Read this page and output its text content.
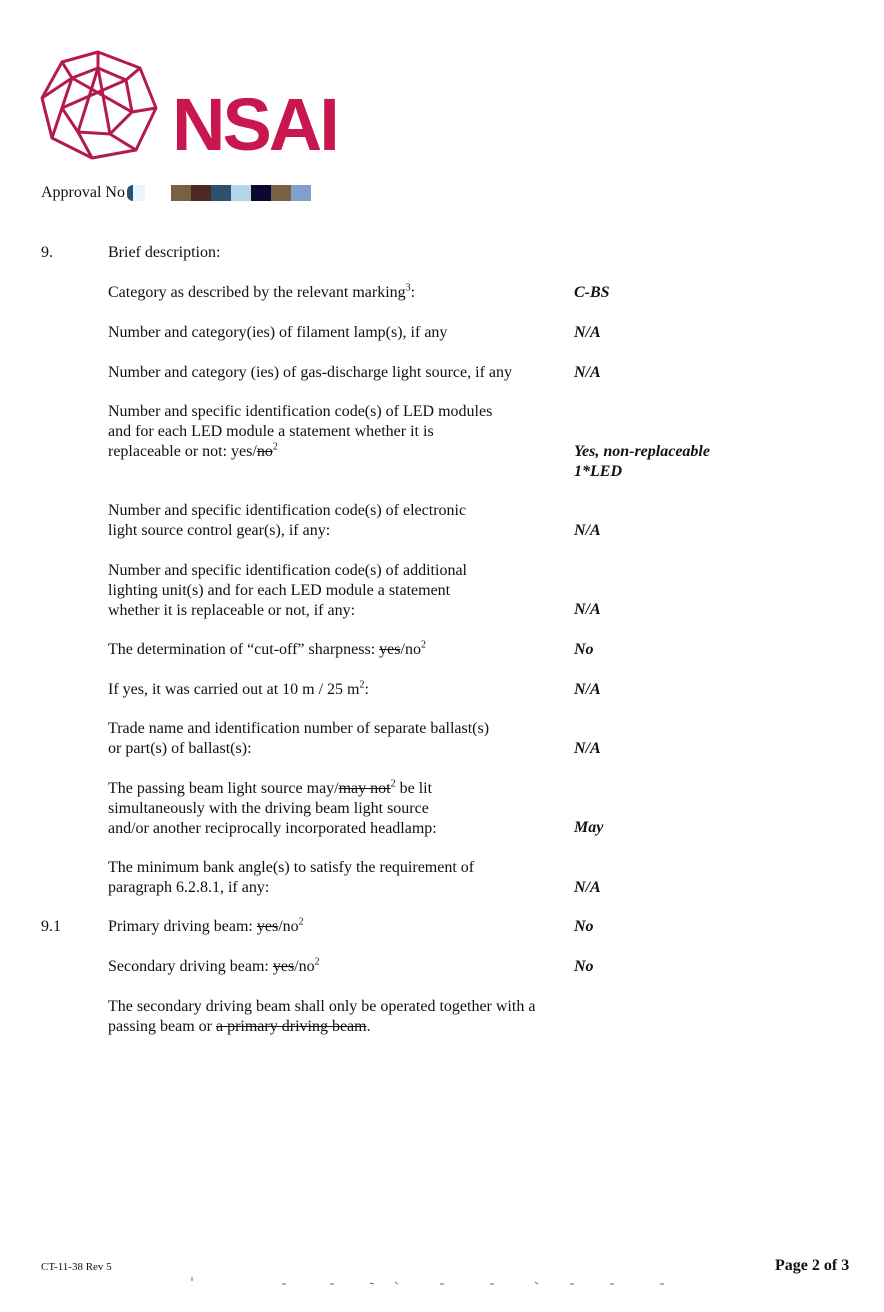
NSAI
Approval No
9.	Brief description:
Category as described by the relevant marking$^3$:	C-BS
Number and category(ies) of filament lamp(s), if any	N/A
Number and category (ies) of gas-discharge light source, if any	N/A
Number and specific identification code(s) of LED modules
and for each LED module a statement whether it is
replaceable or not: yes/$no^2$	Yes, non-replaceable
1*LED
Number and specific identification code(s) of electronic
light source control gear(s), if any:	N/A
Number and specific identification code(s) of additional
lighting unit(s) and for each LED module a statement
whether it is replaceable or not, if any:	N/A
The determination of “cut-off” sharpness: yes/$no^2$	No
If yes, it was carried out at 10 m / 25 $m^2$:	N/A
Trade name and identification number of separate ballast(s)
or part(s) of ballast(s):	N/A
The passing beam light source may/may not$^2$ be lit
simultaneously with the driving beam light source
and/or another reciprocally incorporated headlamp:	May
The minimum bank angle(s) to satisfy the requirement of
paragraph 6.2.8.1, if any:	N/A
9.1	Primary driving beam: yes/$no^2$	No
Secondary driving beam: yes/$no^2$	No
The secondary driving beam shall only be operated together with a
passing beam or a primary driving beam.
CT-11-38 Rev 5	Page 2 of 3
